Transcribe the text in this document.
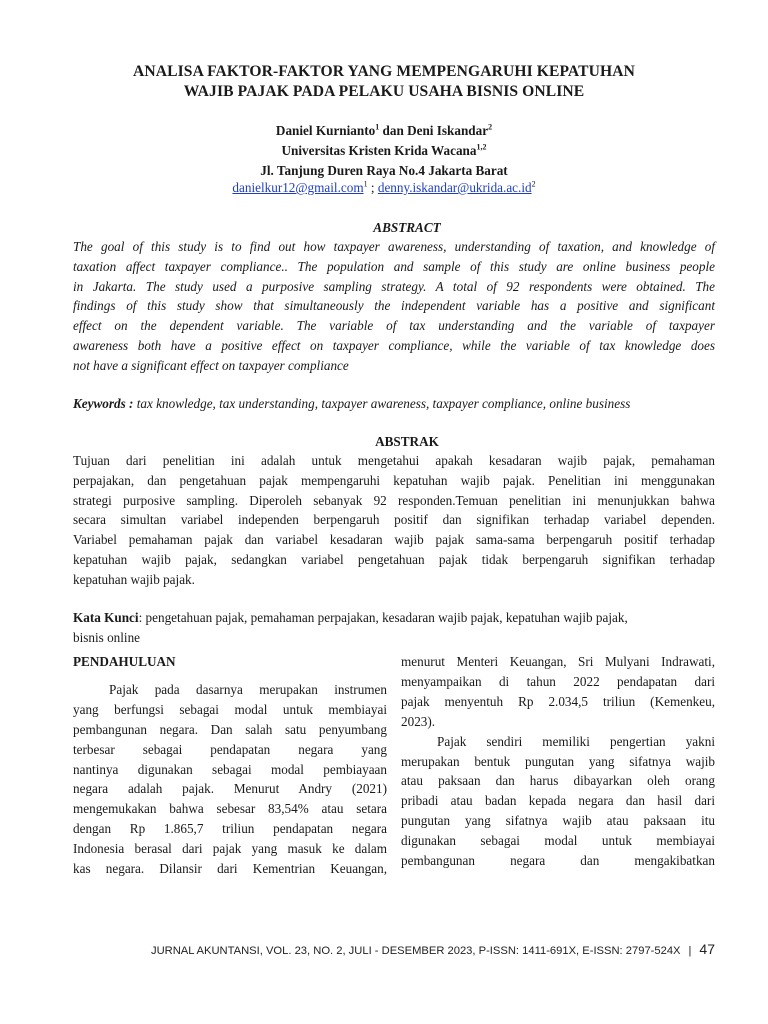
ANALISA FAKTOR-FAKTOR YANG MEMPENGARUHI KEPATUHAN
WAJIB PAJAK PADA PELAKU USAHA BISNIS ONLINE
Daniel Kurnianto$^1$ dan Deni Iskandar$^2$
Universitas Kristen Krida Wacana$^{1,2}$
Jl. Tanjung Duren Raya No.4 Jakarta Barat
danielkur12@gmail.com$^1$ ; $denny.iskandar@ukrida.ac.id^2$
ABSTRACT
The goal of this study is to find out how taxpayer awareness, understanding of taxation, and knowledge of
taxation affect taxpayer compliance.. The population and sample of this study are online business people
in Jakarta. The study used a purposive sampling strategy. A total of 92 respondents were obtained. The
findings of this study show that simultaneously the independent variable has a positive and significant
effect on the dependent variable. The variable of tax understanding and the variable of taxpayer
awareness both have a positive effect on taxpayer compliance, while the variable of tax knowledge does
not have a significant effect on taxpayer compliance
Keywords : tax knowledge, tax understanding, taxpayer awareness, taxpayer compliance, online business
ABSTRAK
Tujuan dari penelitian ini adalah untuk mengetahui apakah kesadaran wajib pajak, pemahaman
perpajakan, dan pengetahuan pajak mempengaruhi kepatuhan wajib pajak. Penelitian ini menggunakan
strategi purposive sampling. Diperoleh sebanyak 92 responden.Temuan penelitian ini menunjukkan bahwa
secara simultan variabel independen berpengaruh positif dan signifikan terhadap variabel dependen.
Variabel pemahaman pajak dan variabel kesadaran wajib pajak sama-sama berpengaruh positif terhadap
kepatuhan wajib pajak, sedangkan variabel pengetahuan pajak tidak berpengaruh signifikan terhadap
kepatuhan wajib pajak.
Kata Kunci: pengetahuan pajak, pemahaman perpajakan, kesadaran wajib pajak, kepatuhan wajib pajak,
bisnis online
PENDAHULUAN
Pajak pada dasarnya merupakan instrumen
yang berfungsi sebagai modal untuk membiayai
pembangunan negara. Dan salah satu penyumbang
terbesar sebagai pendapatan negara yang
nantinya digunakan sebagai modal pembiayaan
negara adalah pajak. Menurut Andry (2021)
mengemukakan bahwa sebesar 83,54% atau setara
dengan Rp 1.865,7 triliun pendapatan negara
Indonesia berasal dari pajak yang masuk ke dalam
kas negara. Dilansir dari Kementrian Keuangan,
menurut Menteri Keuangan, Sri Mulyani Indrawati,
menyampaikan di tahun 2022 pendapatan dari
pajak menyentuh Rp 2.034,5 triliun (Kemenkeu,
2023).
Pajak sendiri memiliki pengertian yakni
merupakan bentuk pungutan yang sifatnya wajib
atau paksaan dan harus dibayarkan oleh orang
pribadi atau badan kepada negara dan hasil dari
pungutan yang sifatnya wajib atau paksaan itu
digunakan sebagai modal untuk membiayai
pembangunan negara dan mengakibatkan
JURNAL AKUNTANSI, VOL. 23, NO. 2, JULI - DESEMBER 2023, P-ISSN: 1411-691X, E-ISSN: 2797-524X | 47
